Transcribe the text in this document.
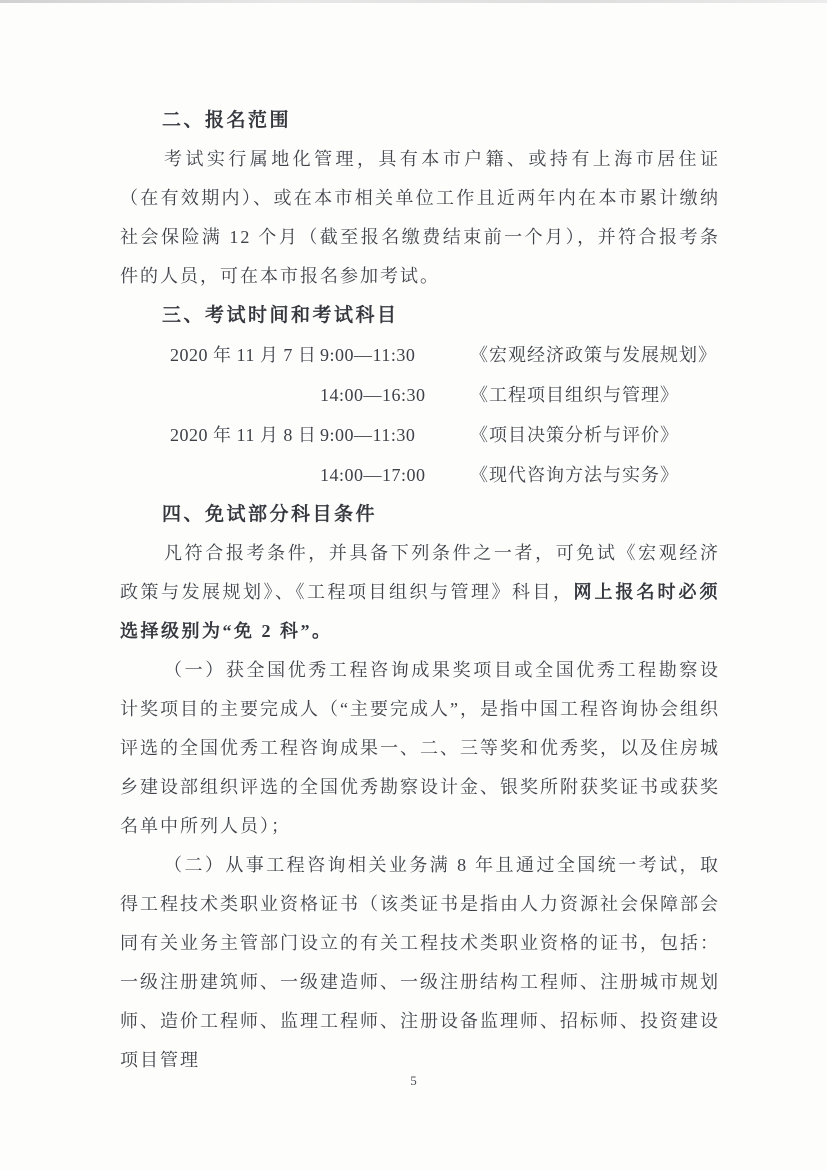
二、报名范围

考试实行属地化管理，具有本市户籍、或持有上海市居住证（在有效期内）、或在本市相关单位工作且近两年内在本市累计缴纳社会保险满 12 个月（截至报名缴费结束前一个月），并符合报考条件的人员，可在本市报名参加考试。

三、考试时间和考试科目
2020 年 11 月 7 日 9:00—11:30	《宏观经济政策与发展规划》
14:00—16:30	《工程项目组织与管理》
2020 年 11 月 8 日 9:00—11:30	《项目决策分析与评价》
14:00—17:00	《现代咨询方法与实务》
四、免试部分科目条件

凡符合报考条件，并具备下列条件之一者，可免试《宏观经济政策与发展规划》、《工程项目组织与管理》科目，网上报名时必须选择级别为“免 2 科”。

（一）获全国优秀工程咨询成果奖项目或全国优秀工程勘察设计奖项目的主要完成人（“主要完成人”，是指中国工程咨询协会组织评选的全国优秀工程咨询成果一、二、三等奖和优秀奖，以及住房城乡建设部组织评选的全国优秀勘察设计金、银奖所附获奖证书或获奖名单中所列人员）；

（二）从事工程咨询相关业务满 8 年且通过全国统一考试，取得工程技术类职业资格证书（该类证书是指由人力资源社会保障部会同有关业务主管部门设立的有关工程技术类职业资格的证书，包括：一级注册建筑师、一级建造师、一级注册结构工程师、注册城市规划师、造价工程师、监理工程师、注册设备监理师、招标师、投资建设项目管理

5
